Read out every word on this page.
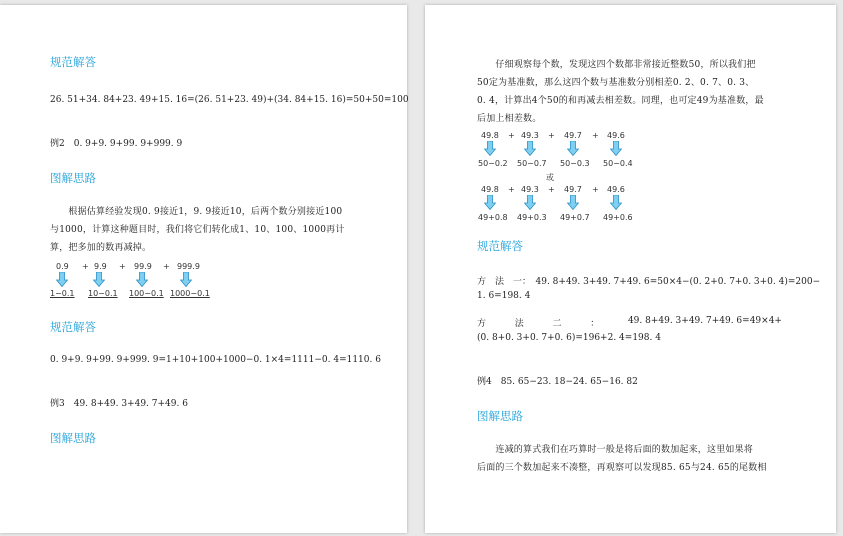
规范解答
26. 51+34. 84+23. 49+15. 16=(26. 51+23. 49)+(34. 84+15. 16)=50+50=100
例2　0. 9+9. 9+99. 9+999. 9
图解思路
　　根据估算经验发现0. 9接近1，9. 9接近10，后两个数分别接近100
与1000，计算这种题目时，我们将它们转化成1、10、100、1000再计
算，把多加的数再减掉。
0.9 + 9.9 + 99.9 + 999.9
1−0.1 10−0.1 100−0.1 1000−0.1
规范解答
0. 9+9. 9+99. 9+999. 9=1+10+100+1000−0. 1×4=1111−0. 4=1110. 6
例3　49. 8+49. 3+49. 7+49. 6
图解思路
　　仔细观察每个数，发现这四个数都非常接近整数50，所以我们把
50定为基准数，那么这四个数与基准数分别相差0. 2、0. 7、0. 3、
0. 4，计算出4个50的和再减去相差数。同理，也可定49为基准数，最
后加上相差数。
49.8 + 49.3 + 49.7 + 49.6
50−0.2 50−0.7 50−0.3 50−0.4
或
49.8 + 49.3 + 49.7 + 49.6
49+0.8 49+0.3 49+0.7 49+0.6
规范解答
方　法　一：　49. 8+49. 3+49. 7+49. 6=50×4−(0. 2+0. 7+0. 3+0. 4)=200−
1. 6=198. 4
方	法	二	：	49. 8+49. 3+49. 7+49. 6=49×4+
(0. 8+0. 3+0. 7+0. 6)=196+2. 4=198. 4
例4　85. 65−23. 18−24. 65−16. 82
图解思路
　　连减的算式我们在巧算时一般是将后面的数加起来，这里如果将
后面的三个数加起来不凑整，再观察可以发现85. 65与24. 65的尾数相
